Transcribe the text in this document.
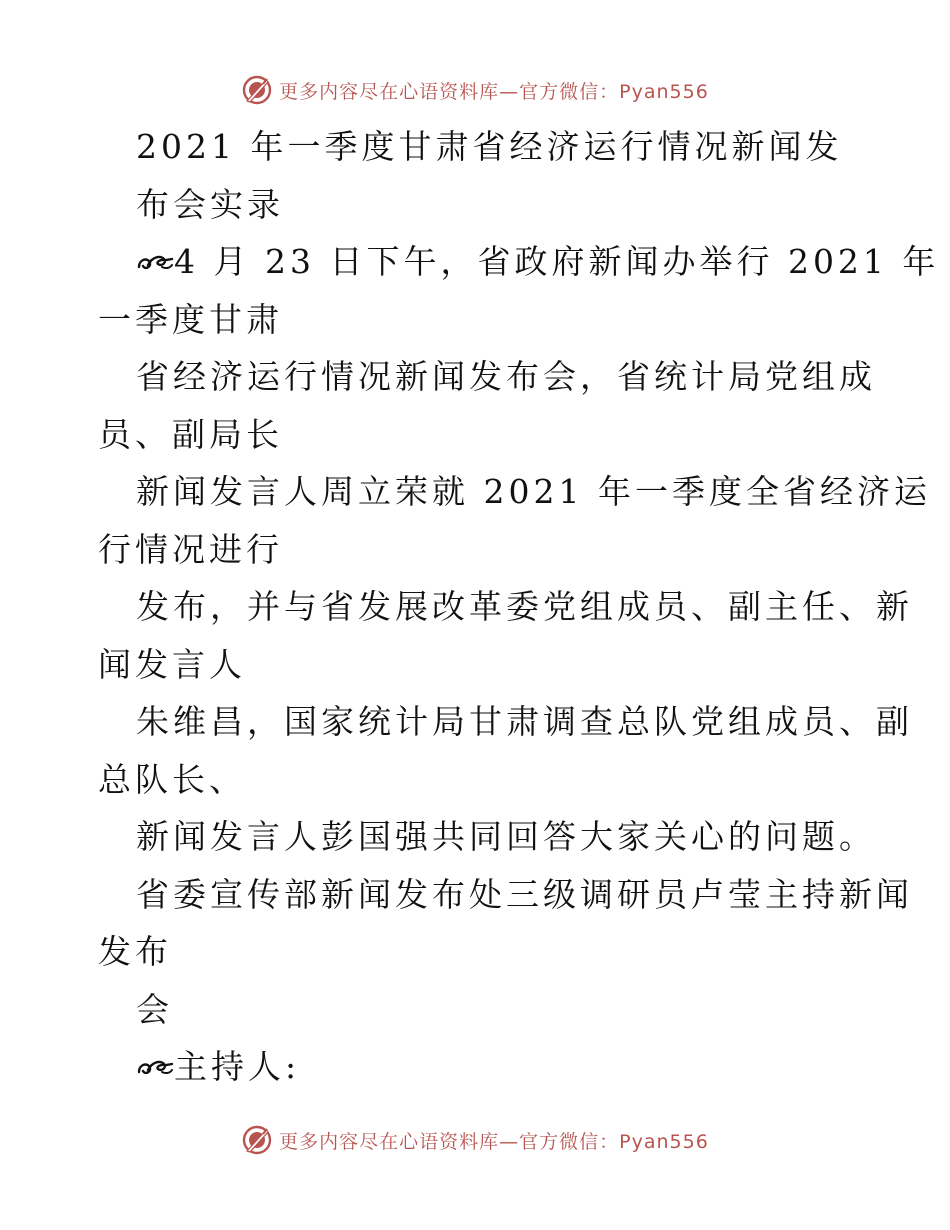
更多内容尽在心语资料库—官方微信：Pyan556
2021 年一季度甘肃省经济运行情况新闻发
布会实录
4 月 23 日下午，省政府新闻办举行 2021 年
一季度甘肃
省经济运行情况新闻发布会，省统计局党组成
员、副局长
新闻发言人周立荣就 2021 年一季度全省经济运
行情况进行
发布，并与省发展改革委党组成员、副主任、新
闻发言人
朱维昌，国家统计局甘肃调查总队党组成员、副
总队长、
新闻发言人彭国强共同回答大家关心的问题。
省委宣传部新闻发布处三级调研员卢莹主持新闻
发布
会
主持人:
更多内容尽在心语资料库—官方微信：Pyan556
